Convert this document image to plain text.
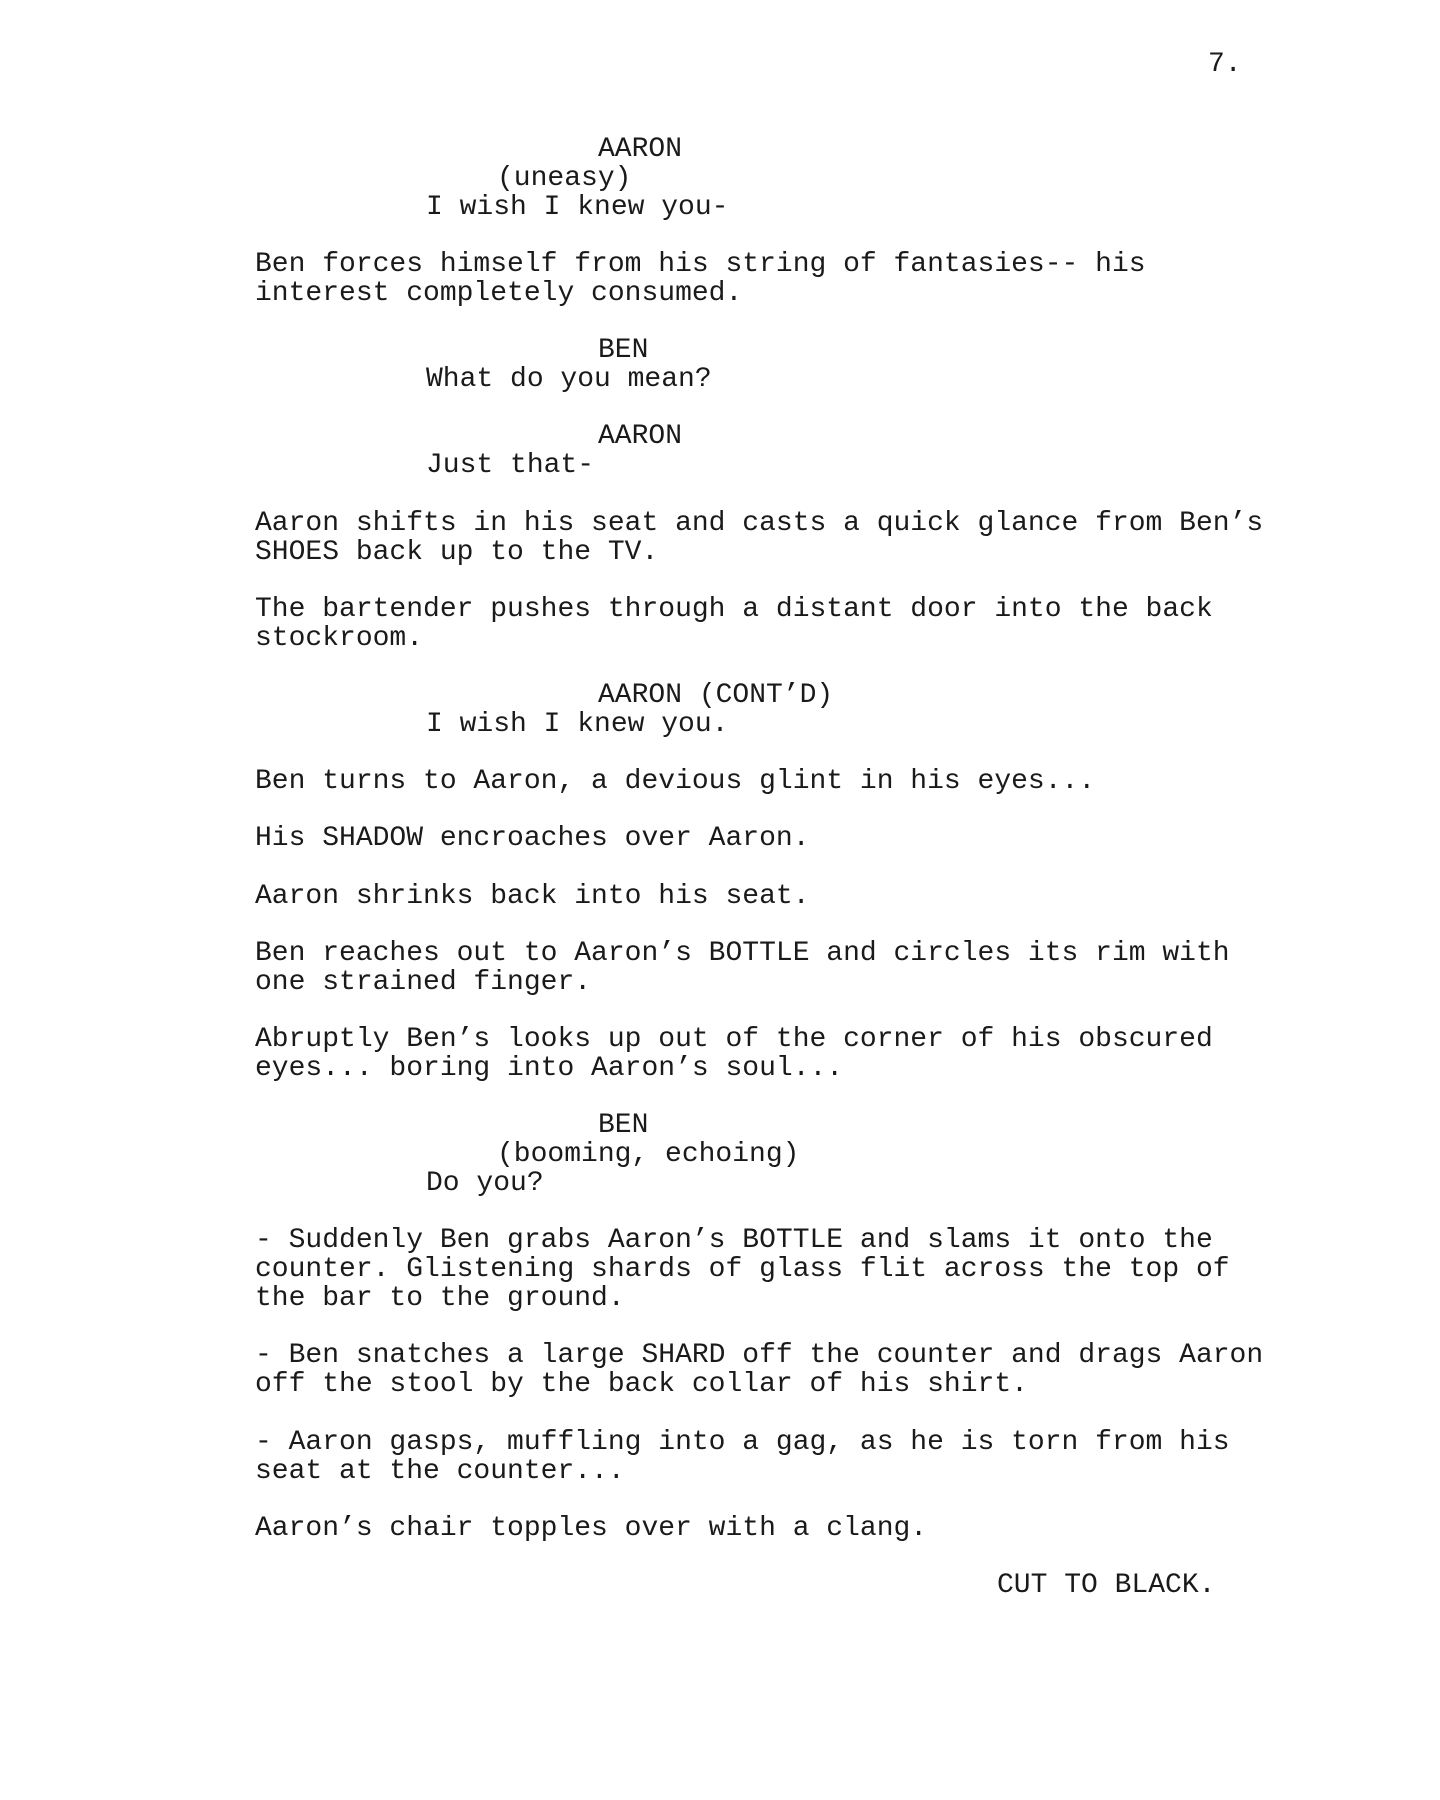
7.
AARON
(uneasy)
I wish I knew you-
Ben forces himself from his string of fantasies-- his
interest completely consumed.
BEN
What do you mean?
AARON
Just that-
Aaron shifts in his seat and casts a quick glance from Ben’s
SHOES back up to the TV.
The bartender pushes through a distant door into the back
stockroom.
AARON (CONT’D)
I wish I knew you.
Ben turns to Aaron, a devious glint in his eyes...
His SHADOW encroaches over Aaron.
Aaron shrinks back into his seat.
Ben reaches out to Aaron’s BOTTLE and circles its rim with
one strained finger.
Abruptly Ben’s looks up out of the corner of his obscured
eyes... boring into Aaron’s soul...
BEN
(booming, echoing)
Do you?
- Suddenly Ben grabs Aaron’s BOTTLE and slams it onto the
counter. Glistening shards of glass flit across the top of
the bar to the ground.
- Ben snatches a large SHARD off the counter and drags Aaron
off the stool by the back collar of his shirt.
- Aaron gasps, muffling into a gag, as he is torn from his
seat at the counter...
Aaron’s chair topples over with a clang.
CUT TO BLACK.
